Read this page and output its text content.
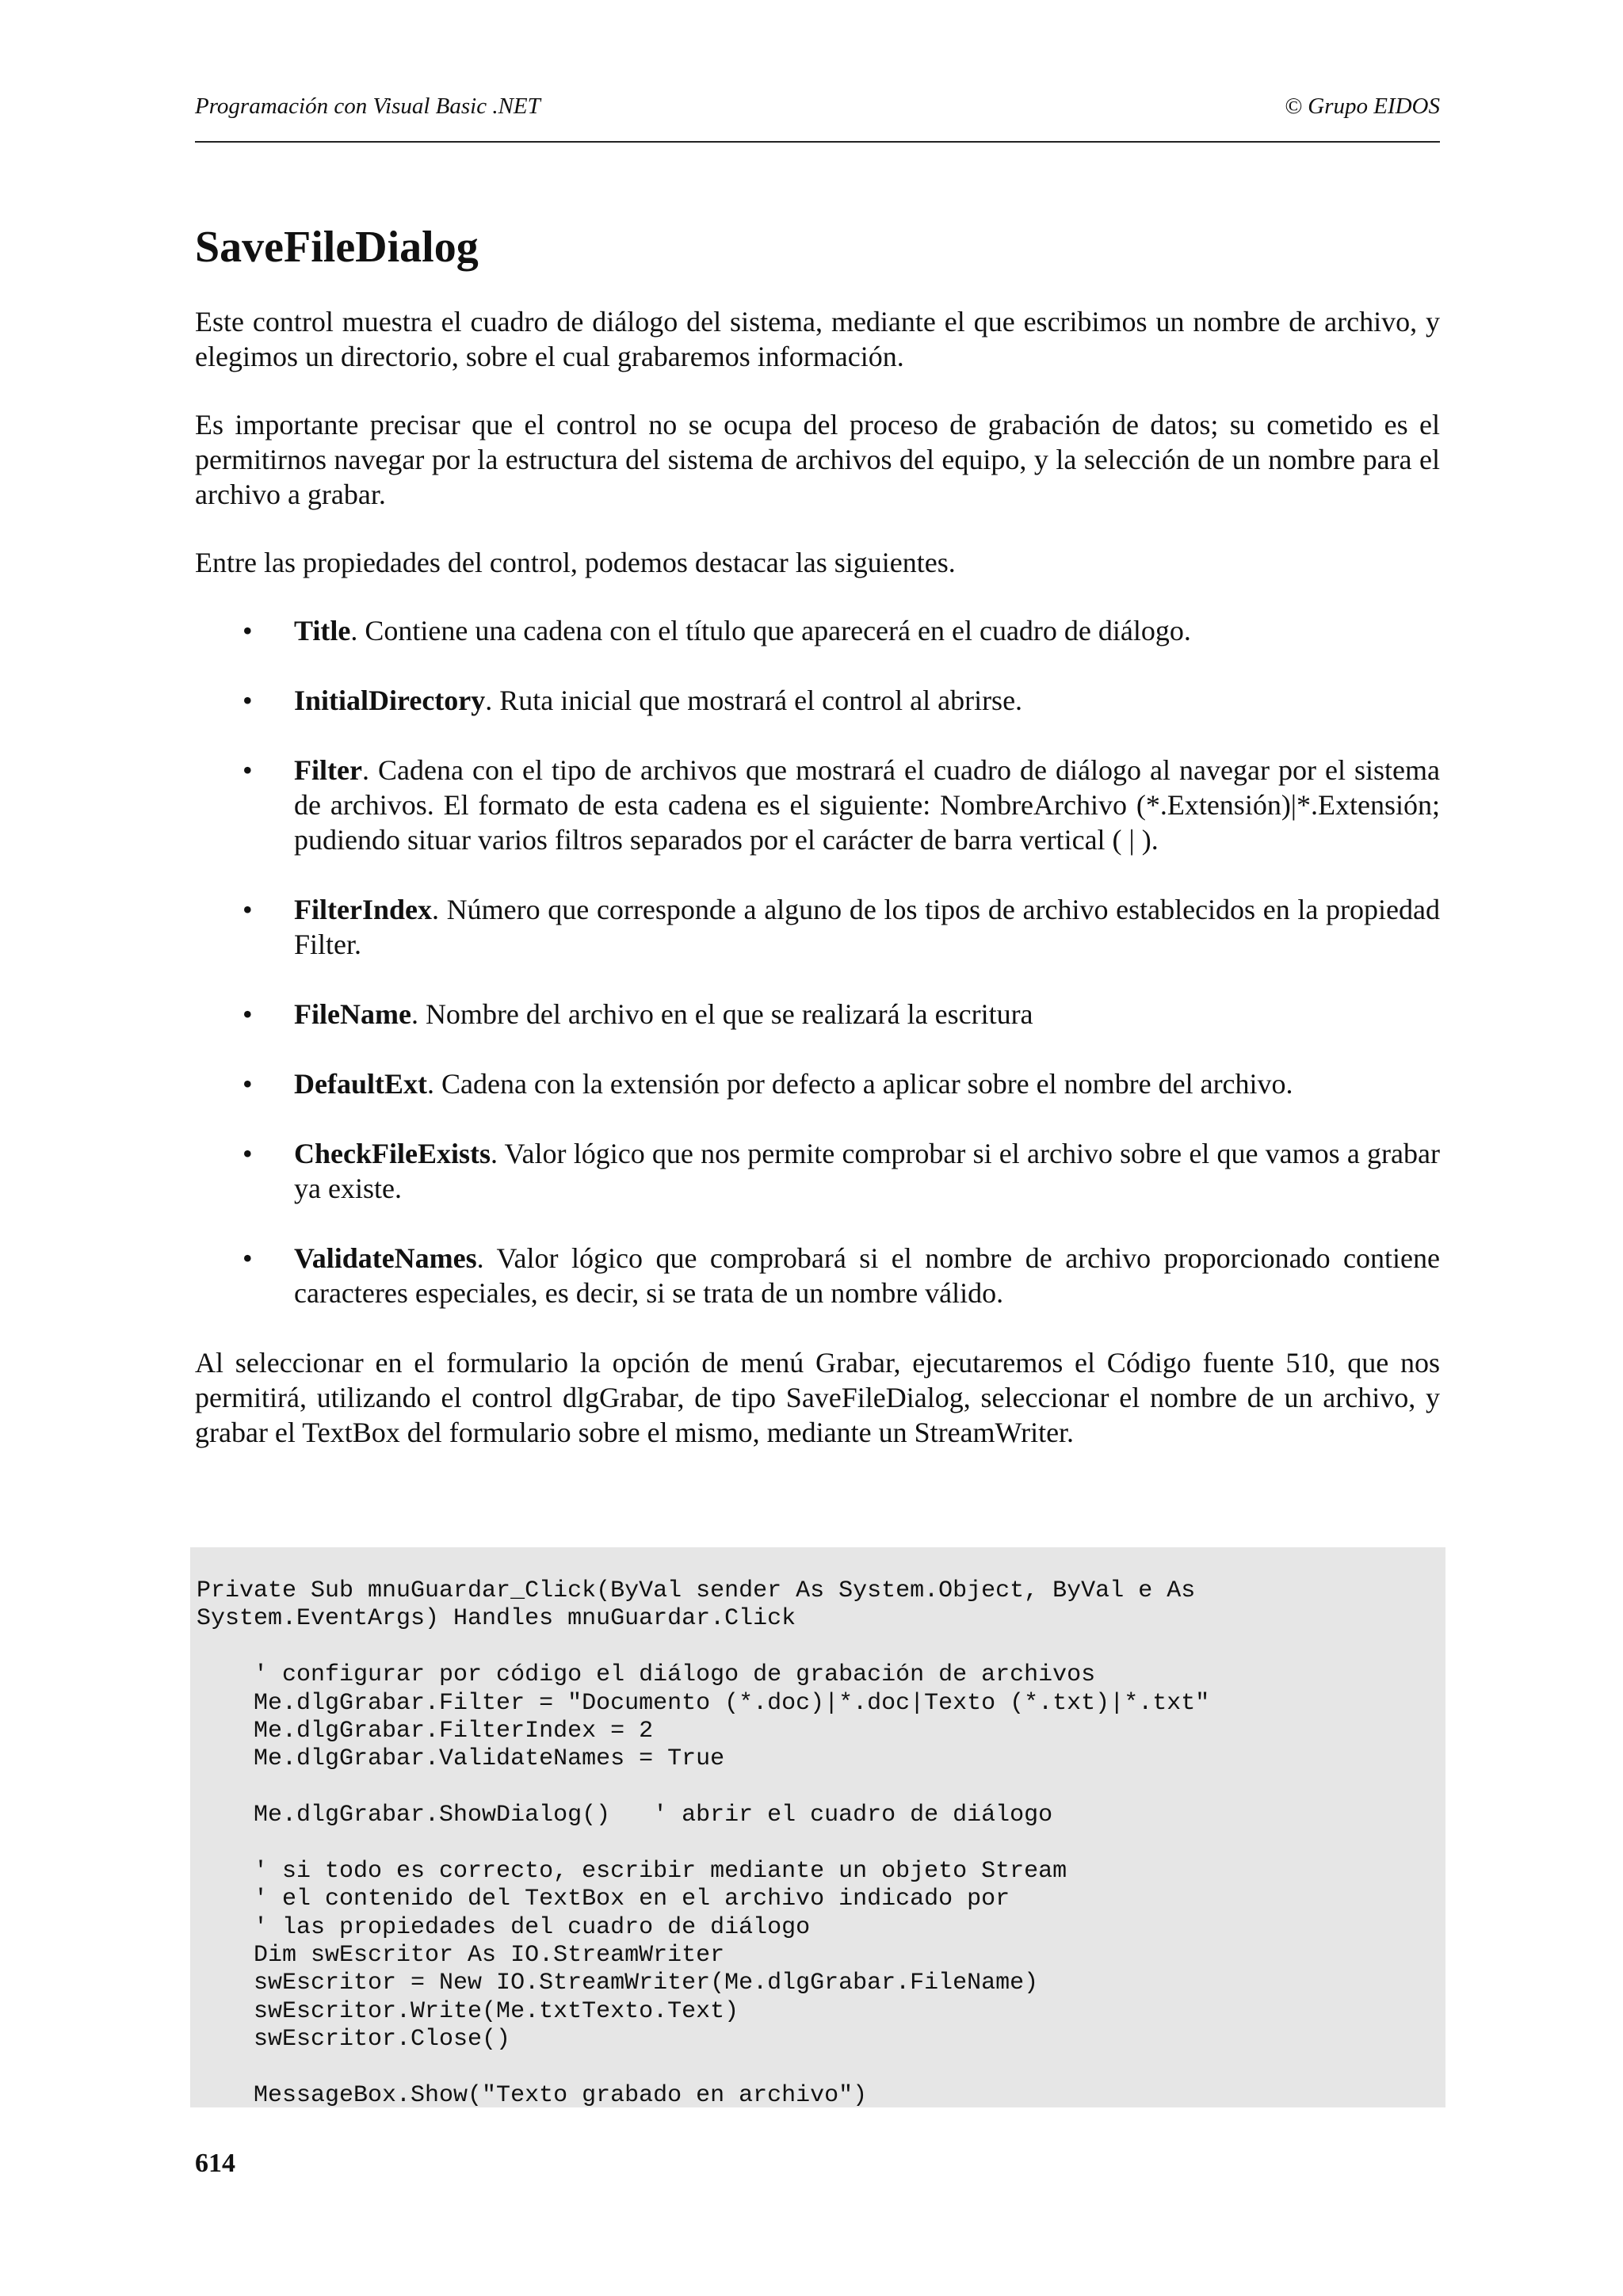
Programación con Visual Basic .NET	© Grupo EIDOS
SaveFileDialog

Este control muestra el cuadro de diálogo del sistema, mediante el que escribimos un nombre de archivo, y elegimos un directorio, sobre el cual grabaremos información.

Es importante precisar que el control no se ocupa del proceso de grabación de datos; su cometido es el permitirnos navegar por la estructura del sistema de archivos del equipo, y la selección de un nombre para el archivo a grabar.

Entre las propiedades del control, podemos destacar las siguientes.

• Title. Contiene una cadena con el título que aparecerá en el cuadro de diálogo.
• InitialDirectory. Ruta inicial que mostrará el control al abrirse.
• Filter. Cadena con el tipo de archivos que mostrará el cuadro de diálogo al navegar por el sistema de archivos. El formato de esta cadena es el siguiente: NombreArchivo (*.Extensión)|*.Extensión; pudiendo situar varios filtros separados por el carácter de barra vertical ( | ).
• FilterIndex. Número que corresponde a alguno de los tipos de archivo establecidos en la propiedad Filter.
• FileName. Nombre del archivo en el que se realizará la escritura
• DefaultExt. Cadena con la extensión por defecto a aplicar sobre el nombre del archivo.
• CheckFileExists. Valor lógico que nos permite comprobar si el archivo sobre el que vamos a grabar ya existe.
• ValidateNames. Valor lógico que comprobará si el nombre de archivo proporcionado contiene caracteres especiales, es decir, si se trata de un nombre válido.

Al seleccionar en el formulario la opción de menú Grabar, ejecutaremos el Código fuente 510, que nos permitirá, utilizando el control dlgGrabar, de tipo SaveFileDialog, seleccionar el nombre de un archivo, y grabar el TextBox del formulario sobre el mismo, mediante un StreamWriter.

Private Sub mnuGuardar_Click(ByVal sender As System.Object, ByVal e As
System.EventArgs) Handles mnuGuardar.Click
' configurar por código el diálogo de grabación de archivos
Me.dlgGrabar.Filter = "Documento (*.doc)|*.doc|Texto (*.txt)|*.txt"
Me.dlgGrabar.FilterIndex = 2
Me.dlgGrabar.ValidateNames = True
Me.dlgGrabar.ShowDialog()   ' abrir el cuadro de diálogo
' si todo es correcto, escribir mediante un objeto Stream
' el contenido del TextBox en el archivo indicado por
' las propiedades del cuadro de diálogo
Dim swEscritor As IO.StreamWriter
swEscritor = New IO.StreamWriter(Me.dlgGrabar.FileName)
swEscritor.Write(Me.txtTexto.Text)
swEscritor.Close()
MessageBox.Show("Texto grabado en archivo")
614
